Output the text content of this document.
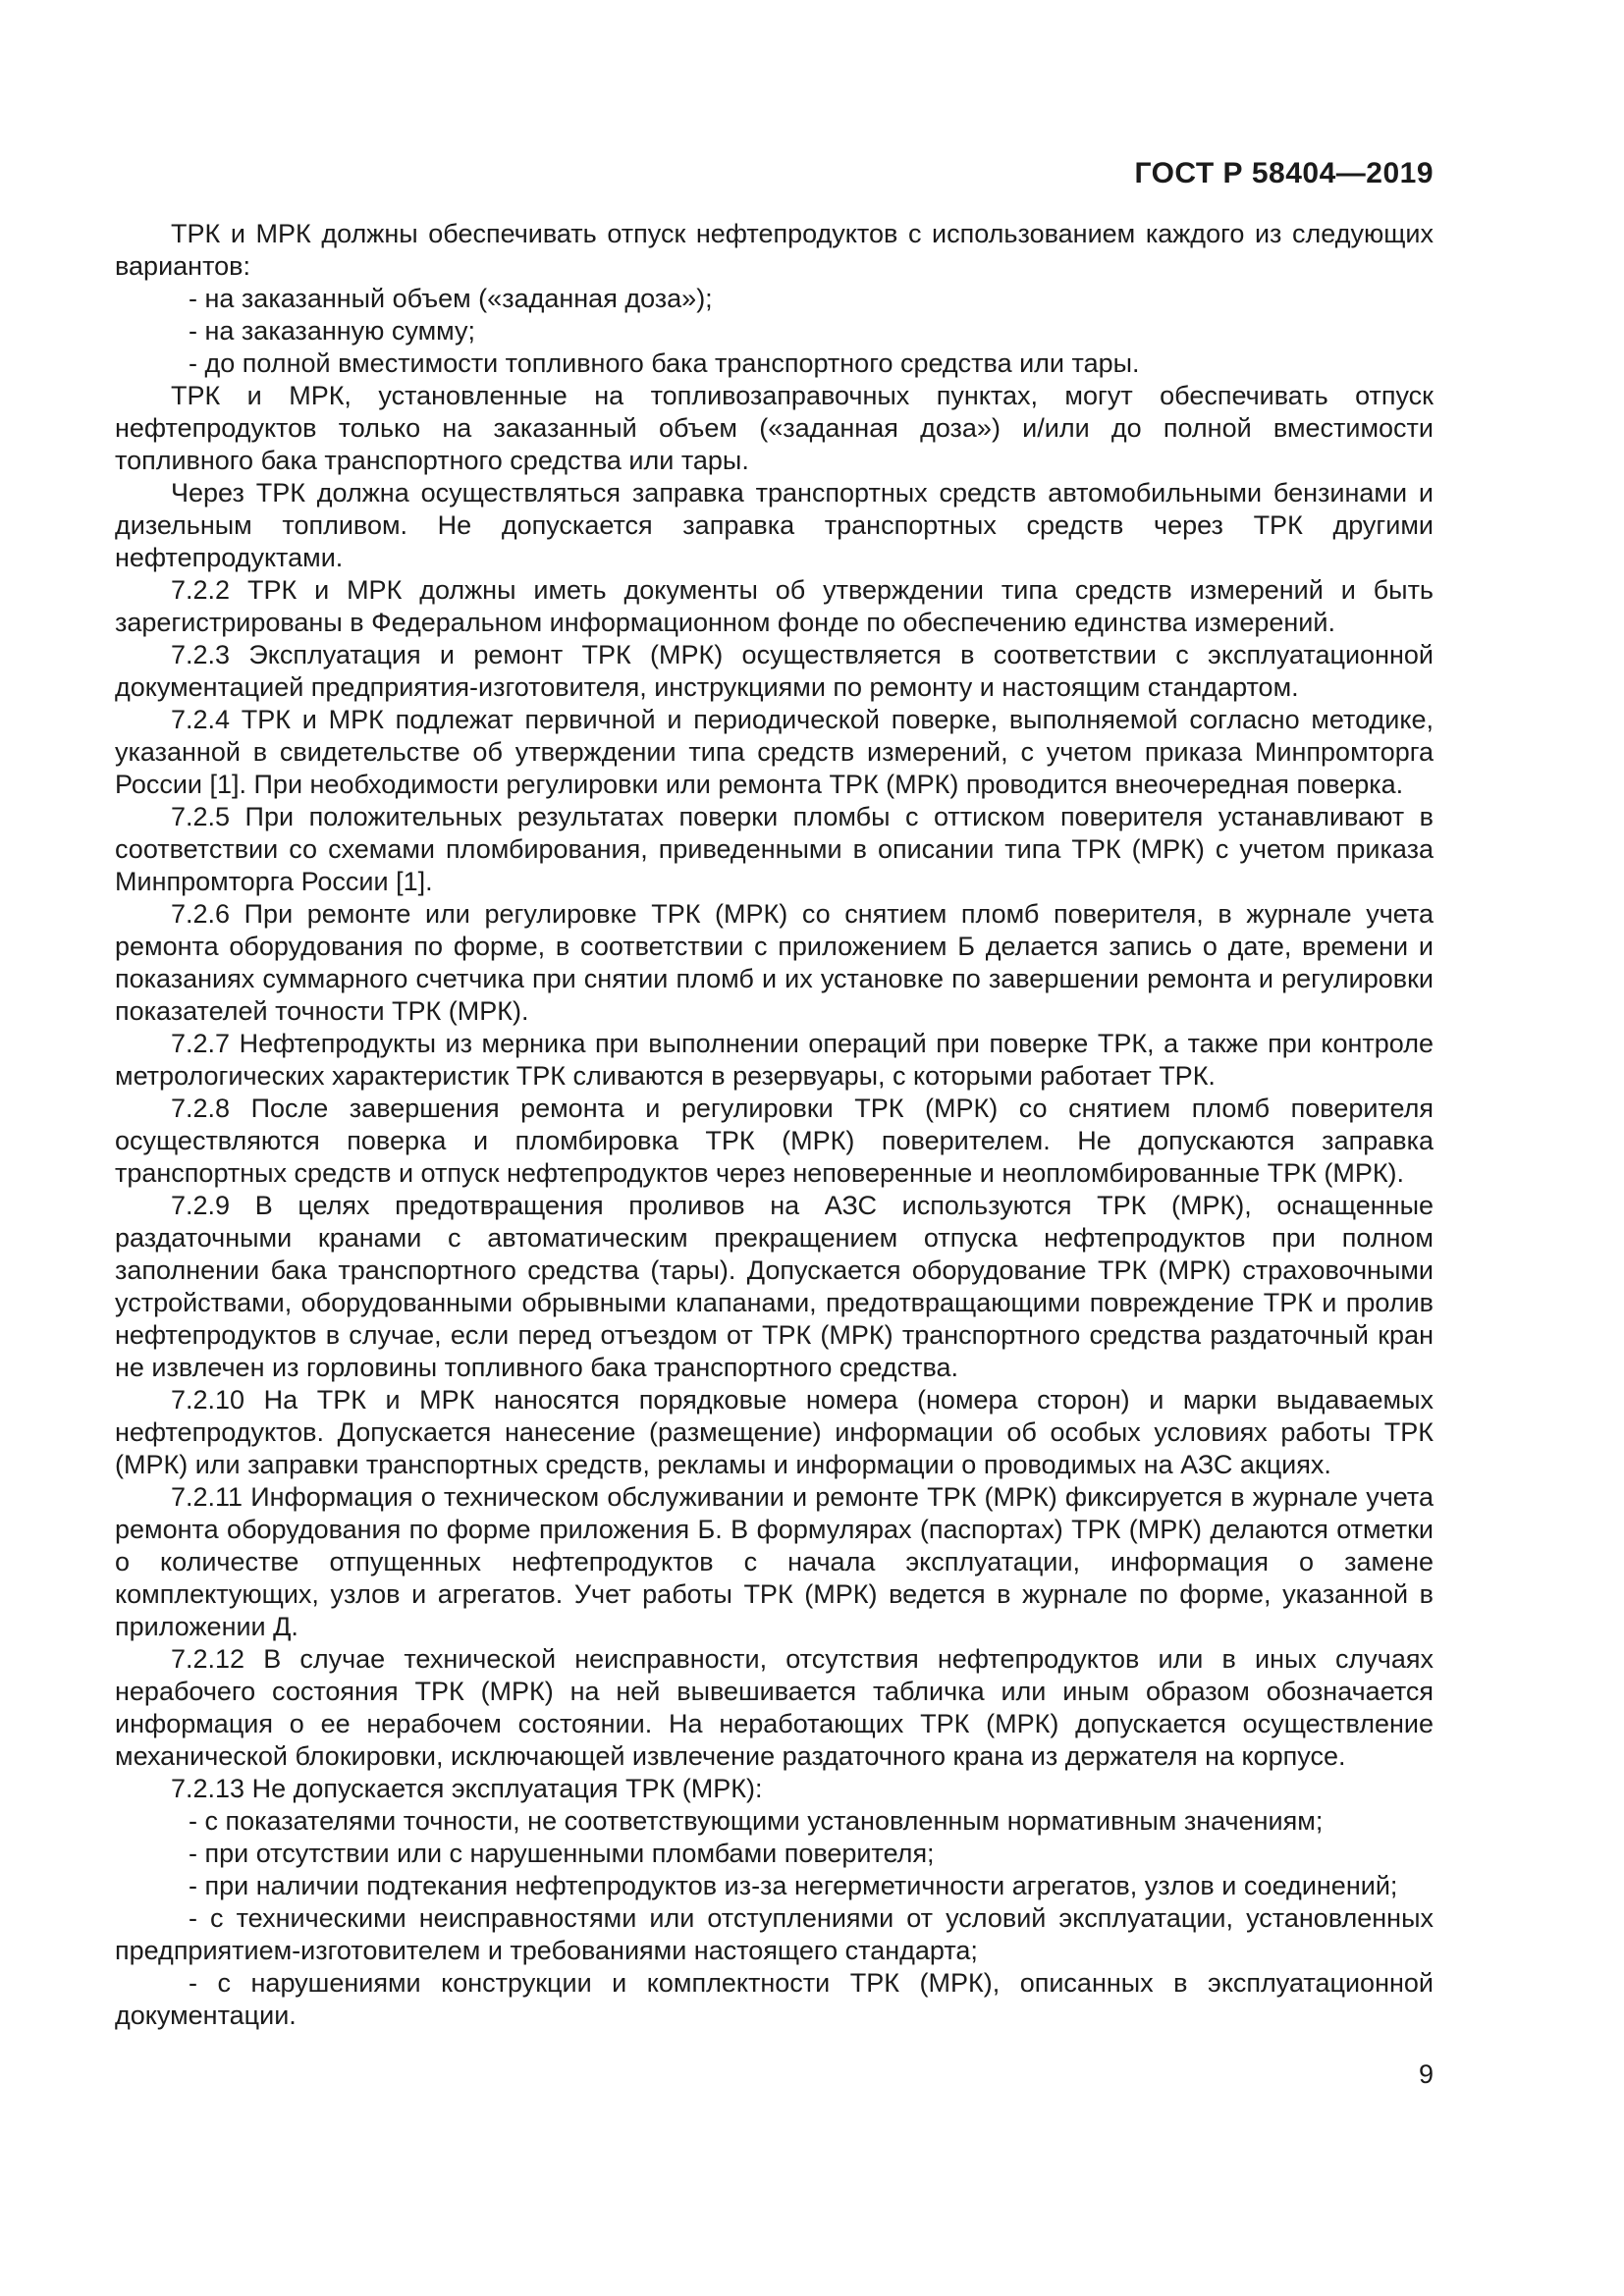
ГОСТ Р 58404—2019

ТРК и МРК должны обеспечивать отпуск нефтепродуктов с использованием каждого из следующих вариантов:

- на заказанный объем («заданная доза»);

- на заказанную сумму;

- до полной вместимости топливного бака транспортного средства или тары.

ТРК и МРК, установленные на топливозаправочных пунктах, могут обеспечивать отпуск нефтепродуктов только на заказанный объем («заданная доза») и/или до полной вместимости топливного бака транспортного средства или тары.

Через ТРК должна осуществляться заправка транспортных средств автомобильными бензинами и дизельным топливом. Не допускается заправка транспортных средств через ТРК другими нефтепродуктами.

7.2.2 ТРК и МРК должны иметь документы об утверждении типа средств измерений и быть зарегистрированы в Федеральном информационном фонде по обеспечению единства измерений.

7.2.3 Эксплуатация и ремонт ТРК (МРК) осуществляется в соответствии с эксплуатационной документацией предприятия-изготовителя, инструкциями по ремонту и настоящим стандартом.

7.2.4 ТРК и МРК подлежат первичной и периодической поверке, выполняемой согласно методике, указанной в свидетельстве об утверждении типа средств измерений, с учетом приказа Минпромторга России [1]. При необходимости регулировки или ремонта ТРК (МРК) проводится внеочередная поверка.

7.2.5 При положительных результатах поверки пломбы с оттиском поверителя устанавливают в соответствии со схемами пломбирования, приведенными в описании типа ТРК (МРК) с учетом приказа Минпромторга России [1].

7.2.6 При ремонте или регулировке ТРК (МРК) со снятием пломб поверителя, в журнале учета ремонта оборудования по форме, в соответствии с приложением Б делается запись о дате, времени и показаниях суммарного счетчика при снятии пломб и их установке по завершении ремонта и регулировки показателей точности ТРК (МРК).

7.2.7 Нефтепродукты из мерника при выполнении операций при поверке ТРК, а также при контроле метрологических характеристик ТРК сливаются в резервуары, с которыми работает ТРК.

7.2.8 После завершения ремонта и регулировки ТРК (МРК) со снятием пломб поверителя осуществляются поверка и пломбировка ТРК (МРК) поверителем. Не допускаются заправка транспортных средств и отпуск нефтепродуктов через неповеренные и неопломбированные ТРК (МРК).

7.2.9 В целях предотвращения проливов на АЗС используются ТРК (МРК), оснащенные раздаточными кранами с автоматическим прекращением отпуска нефтепродуктов при полном заполнении бака транспортного средства (тары). Допускается оборудование ТРК (МРК) страховочными устройствами, оборудованными обрывными клапанами, предотвращающими повреждение ТРК и пролив нефтепродуктов в случае, если перед отъездом от ТРК (МРК) транспортного средства раздаточный кран не извлечен из горловины топливного бака транспортного средства.

7.2.10 На ТРК и МРК наносятся порядковые номера (номера сторон) и марки выдаваемых нефтепродуктов. Допускается нанесение (размещение) информации об особых условиях работы ТРК (МРК) или заправки транспортных средств, рекламы и информации о проводимых на АЗС акциях.

7.2.11 Информация о техническом обслуживании и ремонте ТРК (МРК) фиксируется в журнале учета ремонта оборудования по форме приложения Б. В формулярах (паспортах) ТРК (МРК) делаются отметки о количестве отпущенных нефтепродуктов с начала эксплуатации, информация о замене комплектующих, узлов и агрегатов. Учет работы ТРК (МРК) ведется в журнале по форме, указанной в приложении Д.

7.2.12 В случае технической неисправности, отсутствия нефтепродуктов или в иных случаях нерабочего состояния ТРК (МРК) на ней вывешивается табличка или иным образом обозначается информация о ее нерабочем состоянии. На неработающих ТРК (МРК) допускается осуществление механической блокировки, исключающей извлечение раздаточного крана из держателя на корпусе.

7.2.13 Не допускается эксплуатация ТРК (МРК):

- с показателями точности, не соответствующими установленным нормативным значениям;

- при отсутствии или с нарушенными пломбами поверителя;

- при наличии подтекания нефтепродуктов из-за негерметичности агрегатов, узлов и соединений;

- с техническими неисправностями или отступлениями от условий эксплуатации, установленных предприятием-изготовителем и требованиями настоящего стандарта;

- с нарушениями конструкции и комплектности ТРК (МРК), описанных в эксплуатационной документации.

9
